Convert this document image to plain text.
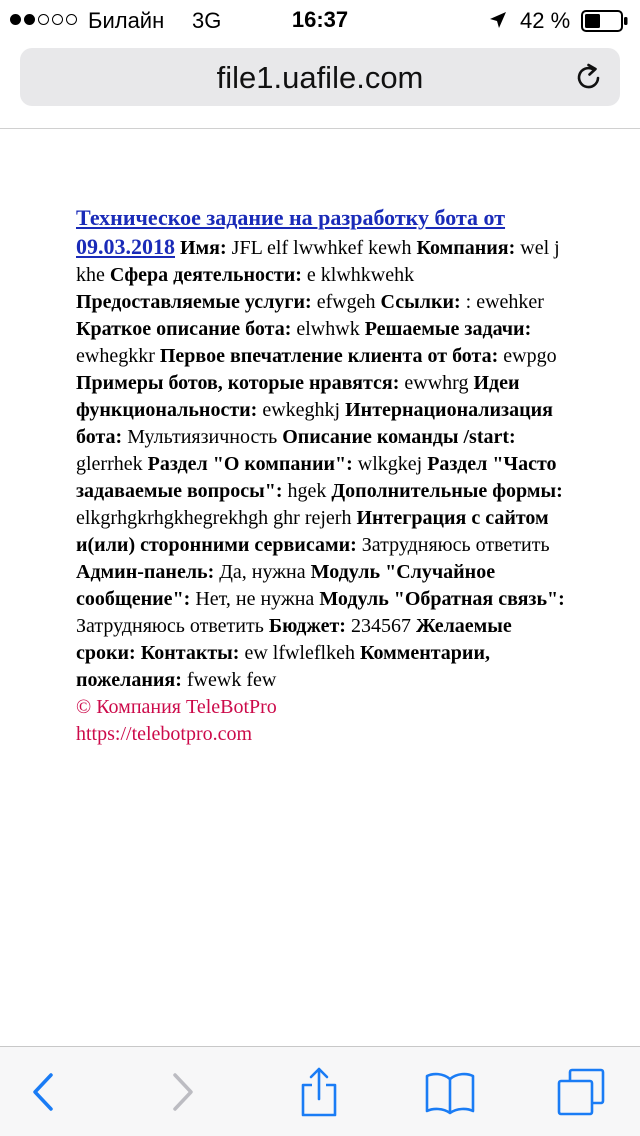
Билайн 3G	16:37	42 %
file1.uafile.com
Техническое задание на разработку бота от 09.03.2018 Имя: JFL elf lwwhkef kewh Компания: wel j khe Сфера деятельности: e klwhkwehk Предоставляемые услуги: efwgeh Ссылки: : ewehker Краткое описание бота: elwhwk Решаемые задачи: ewhegkkr Первое впечатление клиента от бота: ewpgo Примеры ботов, которые нравятся: ewwhrg Идеи функциональности: ewkeghkj Интернационализация бота: Мультиязичность Описание команды /start: glerrhek Раздел "О компании": wlkgkej Раздел "Часто задаваемые вопросы": hgek Дополнительные формы: elkgrhgkrhgkhegrekhgh ghr rejerh Интеграция с сайтом и(или) сторонними сервисами: Затрудняюсь ответить Админ-панель: Да, нужна Модуль "Случайное сообщение": Нет, не нужна Модуль "Обратная связь": Затрудняюсь ответить Бюджет: 234567 Желаемые сроки: Контакты: ew lfwleflkeh Комментарии, пожелания: fwewk few
© Компания TeleBotPro
https://telebotpro.com
